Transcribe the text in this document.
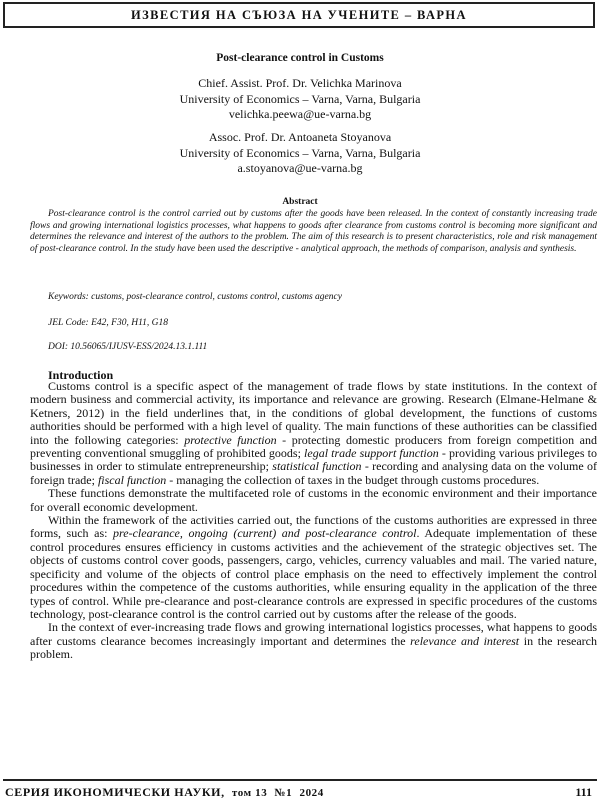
ИЗВЕСТИЯ НА СЪЮЗА НА УЧЕНИТЕ – ВАРНА
Post-clearance control in Customs
Chief. Assist. Prof. Dr. Velichka Marinova
University of Economics – Varna, Varna, Bulgaria
velichka.peewa@ue-varna.bg
Assoc. Prof. Dr. Antoaneta Stoyanova
University of Economics – Varna, Varna, Bulgaria
a.stoyanova@ue-varna.bg
Abstract

Post-clearance control is the control carried out by customs after the goods have been released. In the context of constantly increasing trade flows and growing international logistics processes, what happens to goods after clearance from customs control is becoming more significant and determines the relevance and interest of the authors to the problem. The aim of this research is to present characteristics, role and risk management of post-clearance control. In the study have been used the descriptive - analytical approach, the methods of comparison, analysis and synthesis.

Keywords: customs, post-clearance control, customs control, customs agency
JEL Code: E42, F30, H11, G18
DOI: 10.56065/IJUSV-ESS/2024.13.1.111
Introduction

Customs control is a specific aspect of the management of trade flows by state institutions. In the context of modern business and commercial activity, its importance and relevance are growing. Research (Elmane-Helmane & Ketners, 2012) in the field underlines that, in the conditions of global development, the functions of customs authorities should be performed with a high level of quality. The main functions of these authorities can be classified into the following categories: protective function - protecting domestic producers from foreign competition and preventing conventional smuggling of prohibited goods; legal trade support function - providing various privileges to businesses in order to stimulate entrepreneurship; statistical function - recording and analysing data on the volume of foreign trade; fiscal function - managing the collection of taxes in the budget through customs procedures.

These functions demonstrate the multifaceted role of customs in the economic environment and their importance for overall economic development.

Within the framework of the activities carried out, the functions of the customs authorities are expressed in three forms, such as: pre-clearance, ongoing (current) and post-clearance control. Adequate implementation of these control procedures ensures efficiency in customs activities and the achievement of the strategic objectives set. The objects of customs control cover goods, passengers, cargo, vehicles, currency valuables and mail. The varied nature, specificity and volume of the objects of control place emphasis on the need to effectively implement the control procedures within the competence of the customs authorities, while ensuring equality in the application of the three types of control. While pre-clearance and post-clearance controls are expressed in specific procedures of the customs technology, post-clearance control is the control carried out by customs after the release of the goods.

In the context of ever-increasing trade flows and growing international logistics processes, what happens to goods after customs clearance becomes increasingly important and determines the relevance and interest in the research problem.

СЕРИЯ ИКОНОМИЧЕСКИ НАУКИ, том 13 №1 2024	111
